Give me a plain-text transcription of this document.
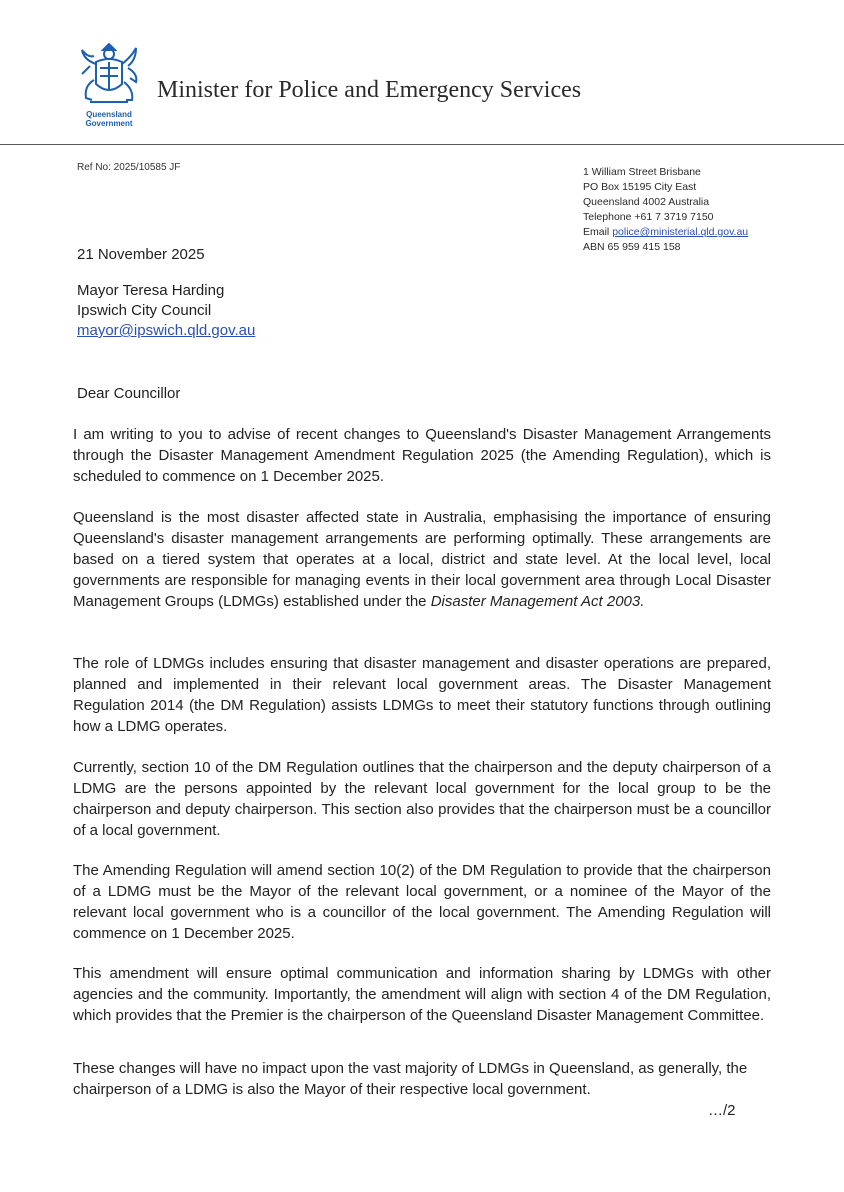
Queensland
Government
Minister for Police and Emergency Services
Ref No: 2025/10585 JF	1 William Street Brisbane
PO Box 15195 City East
Queensland 4002 Australia
Telephone +61 7 3719 7150
Email police@ministerial.qld.gov.au
ABN 65 959 415 158
21 November 2025
Mayor Teresa Harding
Ipswich City Council
mayor@ipswich.qld.gov.au
Dear Councillor
I am writing to you to advise of recent changes to Queensland's Disaster Management Arrangements through the Disaster Management Amendment Regulation 2025 (the Amending Regulation), which is scheduled to commence on 1 December 2025.
Queensland is the most disaster affected state in Australia, emphasising the importance of ensuring Queensland's disaster management arrangements are performing optimally. These arrangements are based on a tiered system that operates at a local, district and state level. At the local level, local governments are responsible for managing events in their local government area through Local Disaster Management Groups (LDMGs) established under the Disaster Management Act 2003.
The role of LDMGs includes ensuring that disaster management and disaster operations are prepared, planned and implemented in their relevant local government areas. The Disaster Management Regulation 2014 (the DM Regulation) assists LDMGs to meet their statutory functions through outlining how a LDMG operates.
Currently, section 10 of the DM Regulation outlines that the chairperson and the deputy chairperson of a LDMG are the persons appointed by the relevant local government for the local group to be the chairperson and deputy chairperson. This section also provides that the chairperson must be a councillor of a local government.
The Amending Regulation will amend section 10(2) of the DM Regulation to provide that the chairperson of a LDMG must be the Mayor of the relevant local government, or a nominee of the Mayor of the relevant local government who is a councillor of the local government. The Amending Regulation will commence on 1 December 2025.
This amendment will ensure optimal communication and information sharing by LDMGs with other agencies and the community. Importantly, the amendment will align with section 4 of the DM Regulation, which provides that the Premier is the chairperson of the Queensland Disaster Management Committee.
These changes will have no impact upon the vast majority of LDMGs in Queensland, as generally, the chairperson of a LDMG is also the Mayor of their respective local government.
…/2
